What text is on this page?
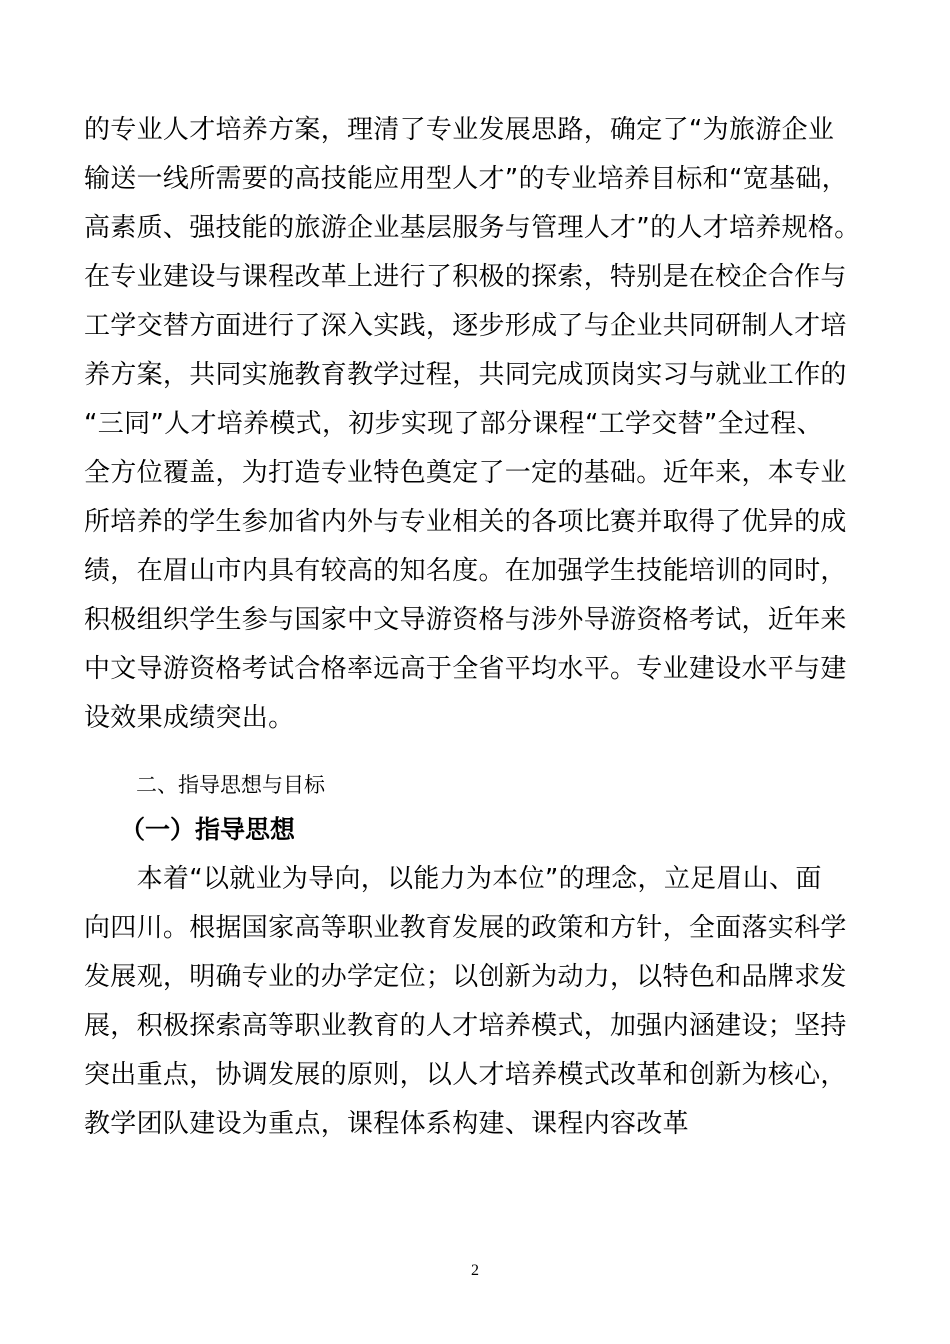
的专业人才培养方案，理清了专业发展思路，确定了“为旅游企业
输送一线所需要的高技能应用型人才”的专业培养目标和“宽基础，
高素质、强技能的旅游企业基层服务与管理人才”的人才培养规格。
在专业建设与课程改革上进行了积极的探索，特别是在校企合作与
工学交替方面进行了深入实践，逐步形成了与企业共同研制人才培
养方案，共同实施教育教学过程，共同完成顶岗实习与就业工作的
“三同”人才培养模式，初步实现了部分课程“工学交替”全过程、
全方位覆盖，为打造专业特色奠定了一定的基础。近年来，本专业
所培养的学生参加省内外与专业相关的各项比赛并取得了优异的成
绩，在眉山市内具有较高的知名度。在加强学生技能培训的同时，
积极组织学生参与国家中文导游资格与涉外导游资格考试，近年来
中文导游资格考试合格率远高于全省平均水平。专业建设水平与建
设效果成绩突出。
二、指导思想与目标
（一）指导思想
　　本着“以就业为导向，以能力为本位”的理念，立足眉山、面
向四川。根据国家高等职业教育发展的政策和方针，全面落实科学
发展观，明确专业的办学定位；以创新为动力，以特色和品牌求发
展，积极探索高等职业教育的人才培养模式，加强内涵建设；坚持
突出重点，协调发展的原则，以人才培养模式改革和创新为核心，
教学团队建设为重点，课程体系构建、课程内容改革
2
